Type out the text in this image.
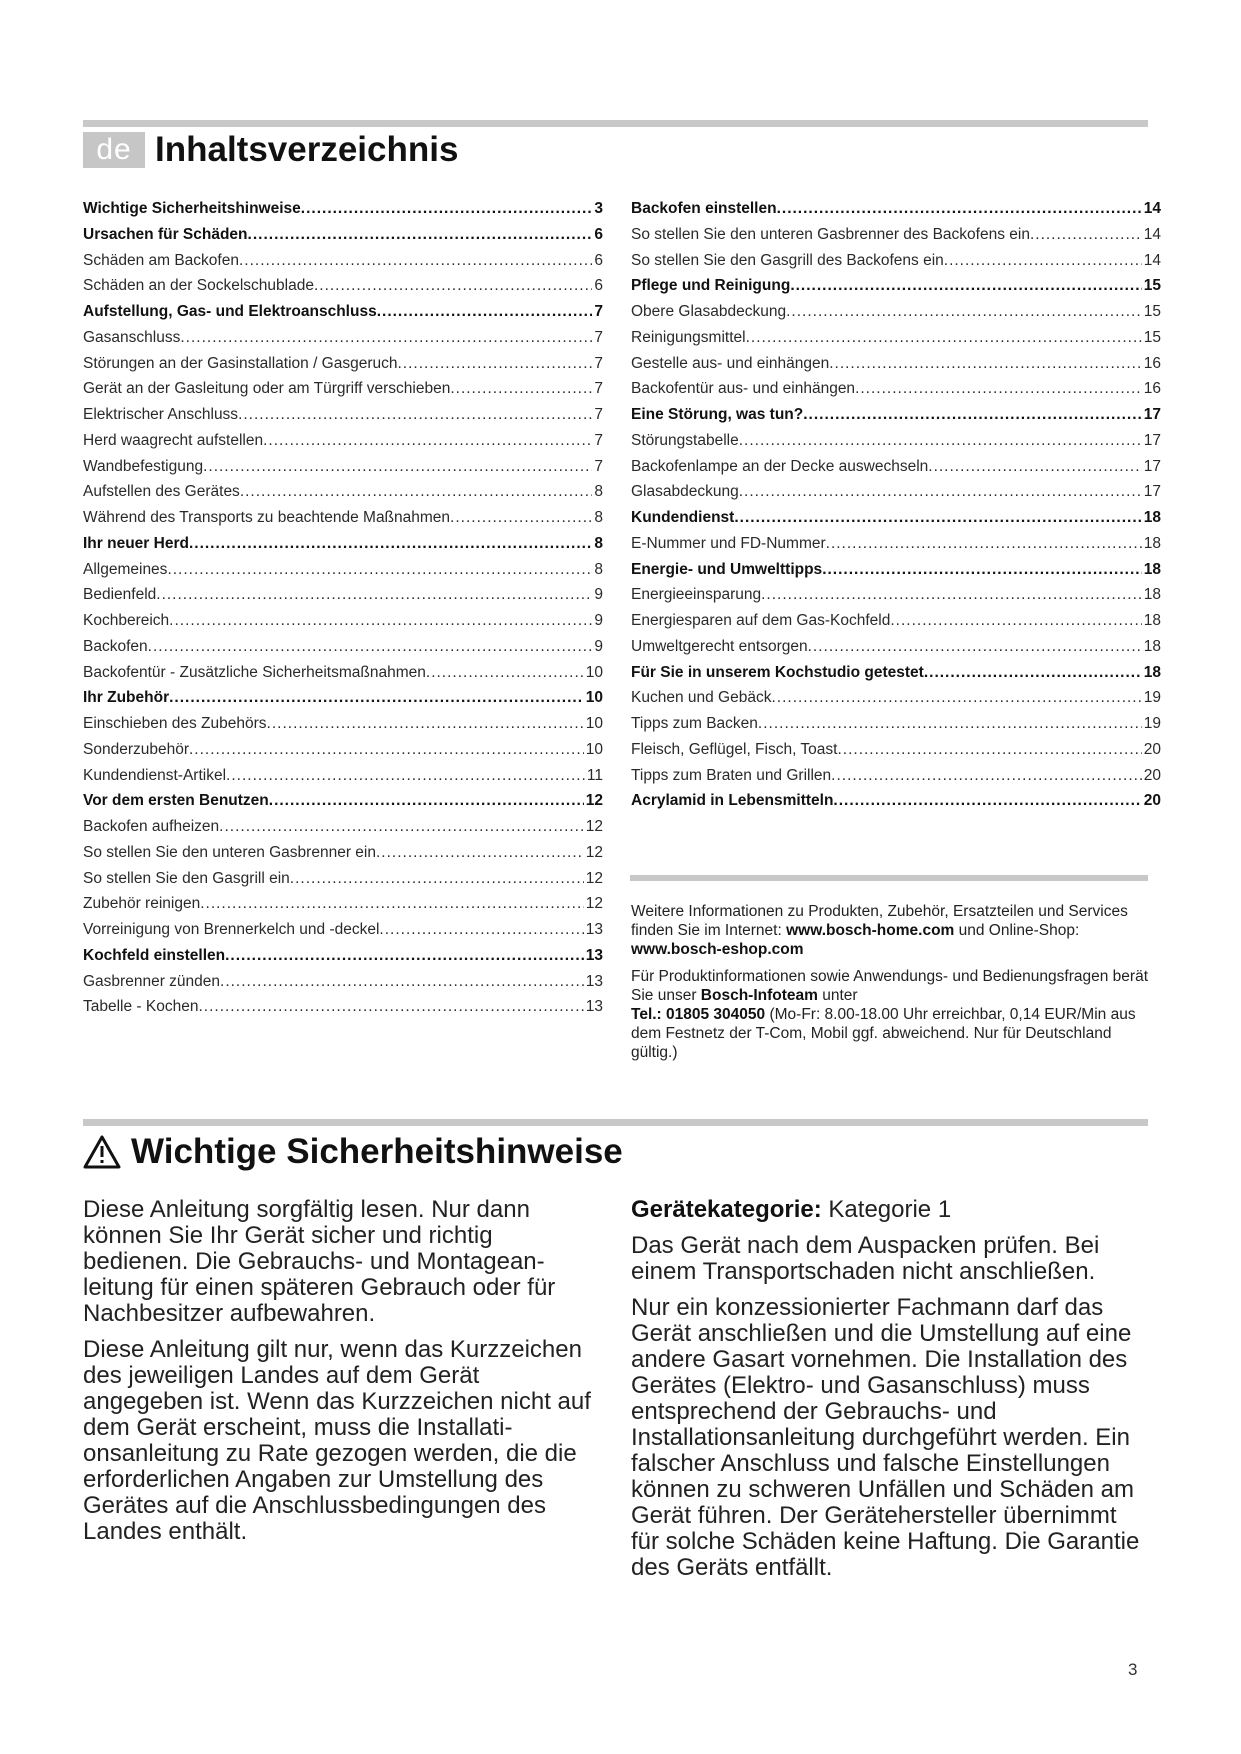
de Inhaltsverzeichnis
Wichtige Sicherheitshinweise .....	3
Ursachen für Schäden .....	6
Schäden am Backofen .....	6
Schäden an der Sockelschublade .....	6
Aufstellung, Gas- und Elektroanschluss .....	7
Gasanschluss .....	7
Störungen an der Gasinstallation / Gasgeruch .....	7
Gerät an der Gasleitung oder am Türgriff verschieben .....	7
Elektrischer Anschluss .....	7
Herd waagrecht aufstellen .....	7
Wandbefestigung .....	7
Aufstellen des Gerätes .....	8
Während des Transports zu beachtende Maßnahmen .....	8
Ihr neuer Herd .....	8
Allgemeines .....	8
Bedienfeld .....	9
Kochbereich .....	9
Backofen .....	9
Backofentür - Zusätzliche Sicherheitsmaßnahmen .....	10
Ihr Zubehör .....	10
Einschieben des Zubehörs .....	10
Sonderzubehör .....	10
Kundendienst-Artikel .....	11
Vor dem ersten Benutzen .....	12
Backofen aufheizen .....	12
So stellen Sie den unteren Gasbrenner ein .....	12
So stellen Sie den Gasgrill ein .....	12
Zubehör reinigen .....	12
Vorreinigung von Brennerkelch und -deckel .....	13
Kochfeld einstellen .....	13
Gasbrenner zünden .....	13
Tabelle - Kochen .....	13
Backofen einstellen .....	14
So stellen Sie den unteren Gasbrenner des Backofens ein .....	14
So stellen Sie den Gasgrill des Backofens ein .....	14
Pflege und Reinigung .....	15
Obere Glasabdeckung .....	15
Reinigungsmittel .....	15
Gestelle aus- und einhängen .....	16
Backofentür aus- und einhängen .....	16
Eine Störung, was tun? .....	17
Störungstabelle .....	17
Backofenlampe an der Decke auswechseln .....	17
Glasabdeckung .....	17
Kundendienst .....	18
E-Nummer und FD-Nummer .....	18
Energie- und Umwelttipps .....	18
Energieeinsparung .....	18
Energiesparen auf dem Gas-Kochfeld .....	18
Umweltgerecht entsorgen .....	18
Für Sie in unserem Kochstudio getestet .....	18
Kuchen und Gebäck .....	19
Tipps zum Backen .....	19
Fleisch, Geflügel, Fisch, Toast .....	20
Tipps zum Braten und Grillen .....	20
Acrylamid in Lebensmitteln .....	20

Weitere Informationen zu Produkten, Zubehör, Ersatzteilen und Services finden Sie im Internet: www.bosch-home.com und Online-Shop: www.bosch-eshop.com

Für Produktinformationen sowie Anwendungs- und Bedienungsfragen berät Sie unser Bosch-Infoteam unter
Tel.: 01805 304050 (Mo-Fr: 8.00-18.00 Uhr erreichbar, 0,14 EUR/Min aus dem Festnetz der T-Com, Mobil ggf. abweichend. Nur für Deutschland gültig.)

Wichtige Sicherheitshinweise

Diese Anleitung sorgfältig lesen. Nur dann können Sie Ihr Gerät sicher und richtig bedienen. Die Gebrauchs- und Montageanleitung für einen späteren Gebrauch oder für Nachbesitzer aufbewahren.

Diese Anleitung gilt nur, wenn das Kurzzeichen des jeweiligen Landes auf dem Gerät angegeben ist. Wenn das Kurzzeichen nicht auf dem Gerät erscheint, muss die Installationsanleitung zu Rate gezogen werden, die die erforderlichen Angaben zur Umstellung des Gerätes auf die Anschlussbedingungen des Landes enthält.

Gerätekategorie: Kategorie 1

Das Gerät nach dem Auspacken prüfen. Bei einem Transportschaden nicht anschließen.

Nur ein konzessionierter Fachmann darf das Gerät anschließen und die Umstellung auf eine andere Gasart vornehmen. Die Installation des Gerätes (Elektro- und Gasanschluss) muss entsprechend der Gebrauchs- und Installationsanleitung durchgeführt werden. Ein falscher Anschluss und falsche Einstellungen können zu schweren Unfällen und Schäden am Gerät führen. Der Gerätehersteller übernimmt für solche Schäden keine Haftung. Die Garantie des Geräts entfällt.

3
